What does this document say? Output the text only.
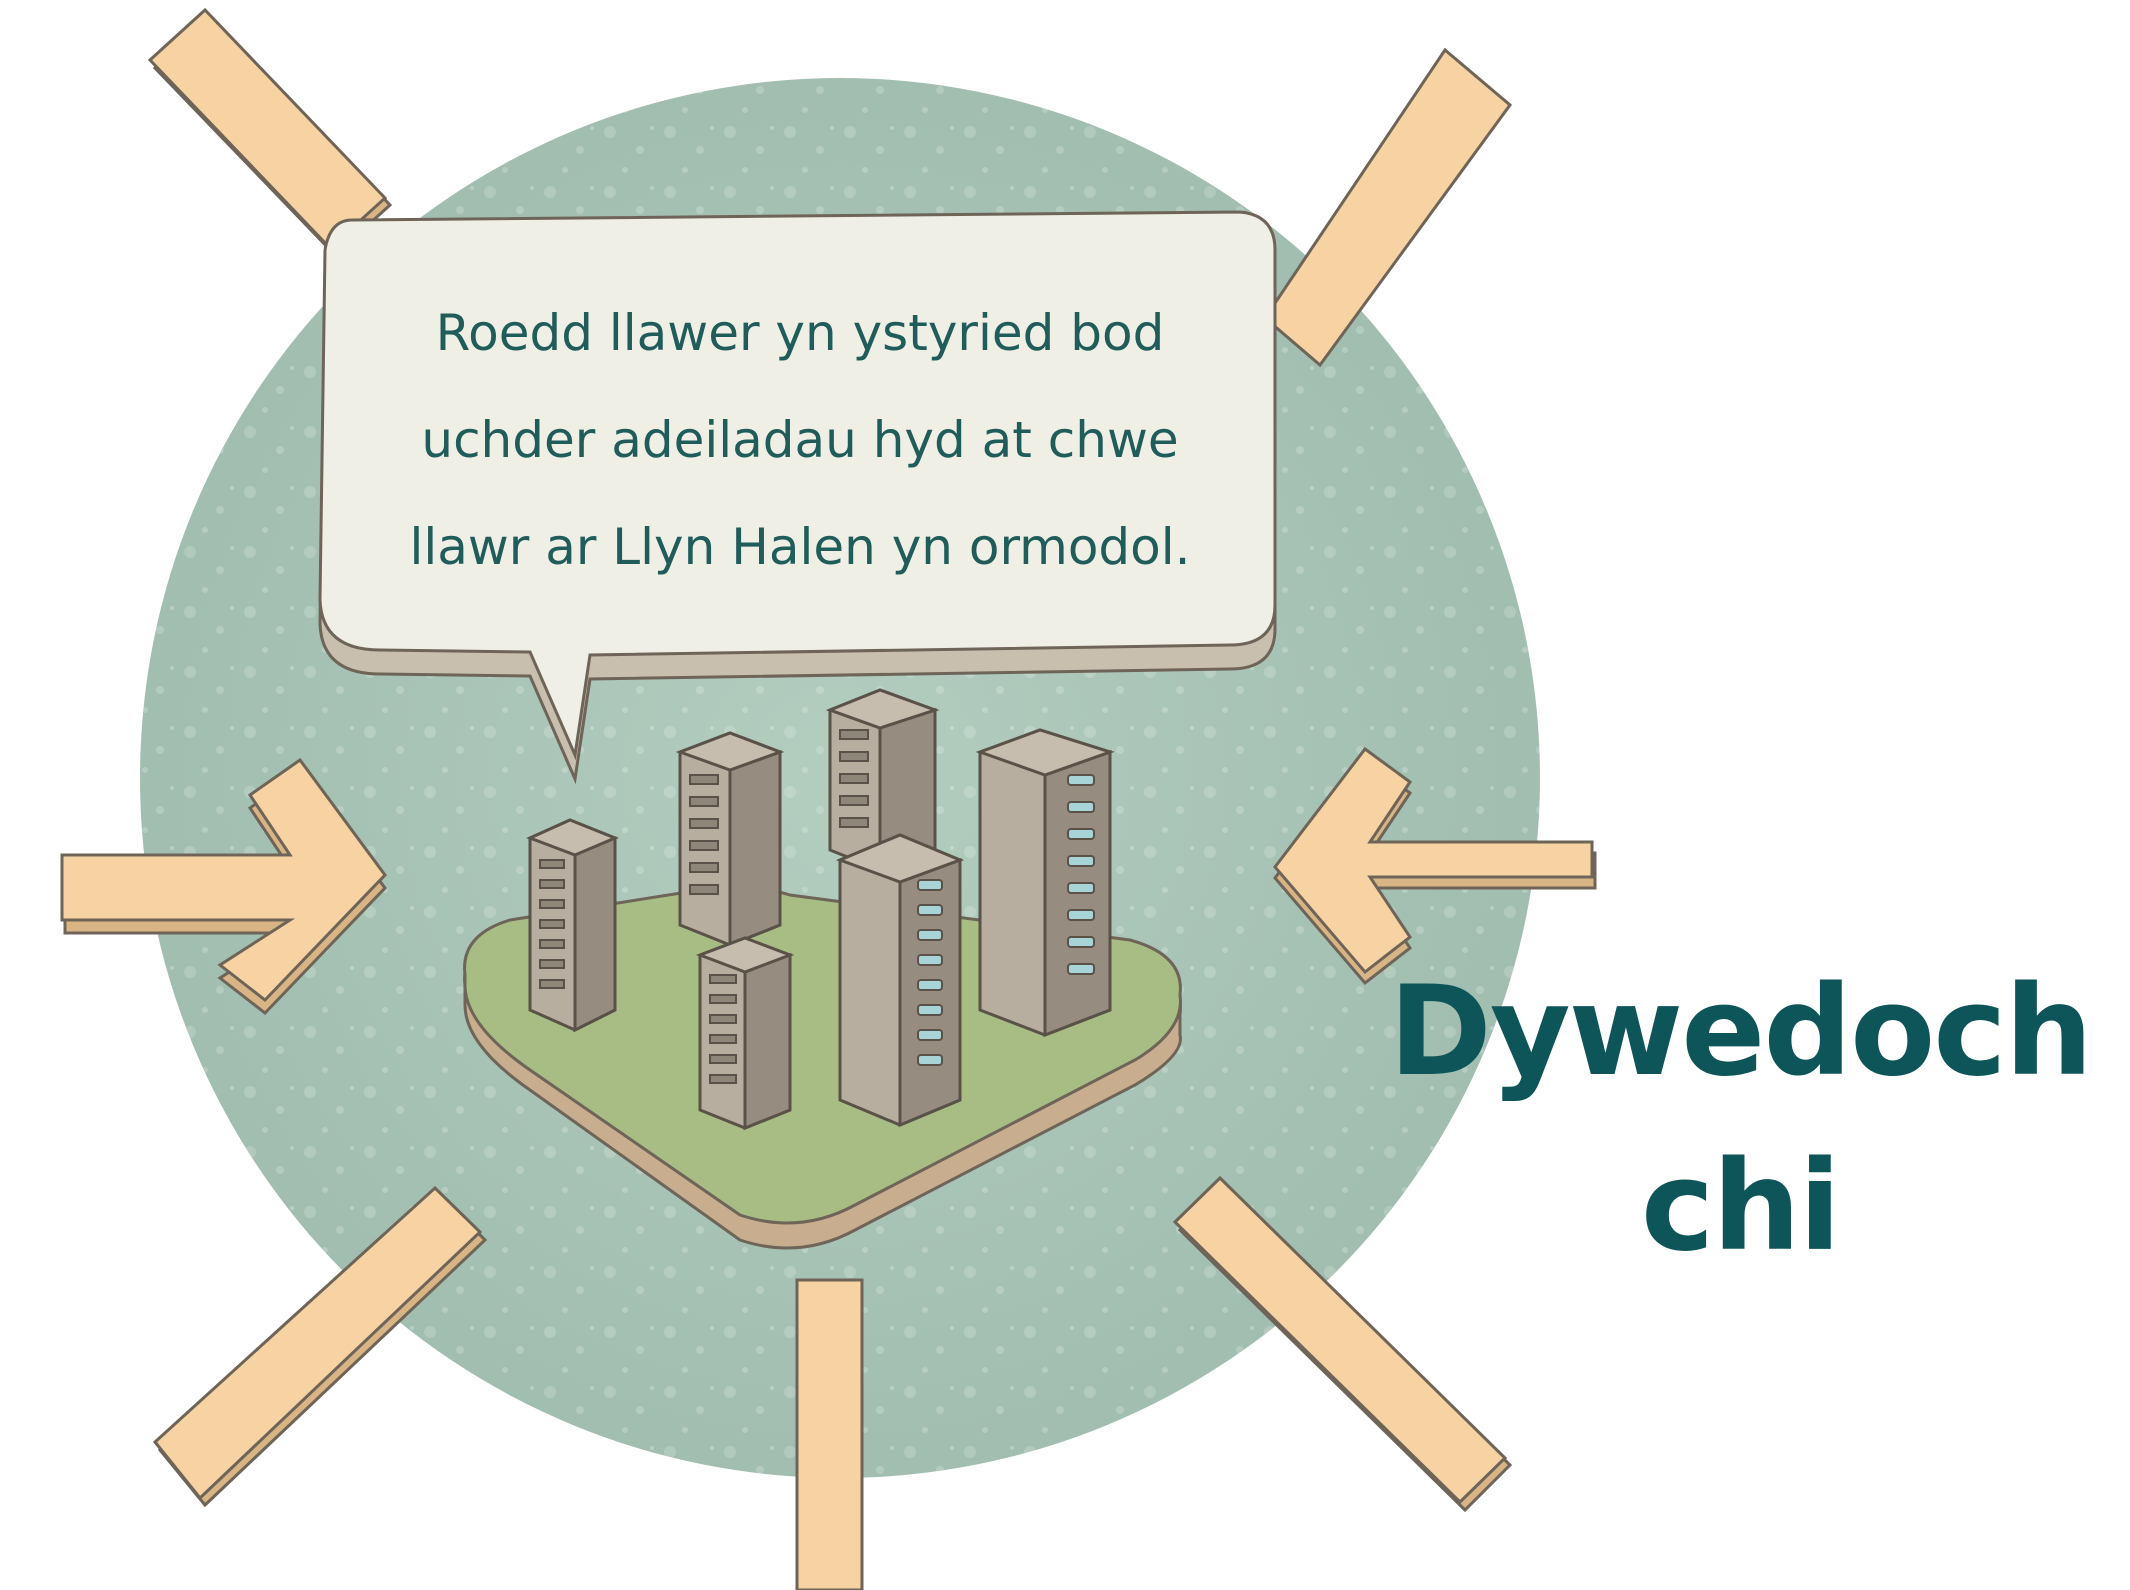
Roedd llawer yn ystyried bod
uchder adeiladau hyd at chwe
llawr ar Llyn Halen yn ormodol.
Dywedoch
chi
